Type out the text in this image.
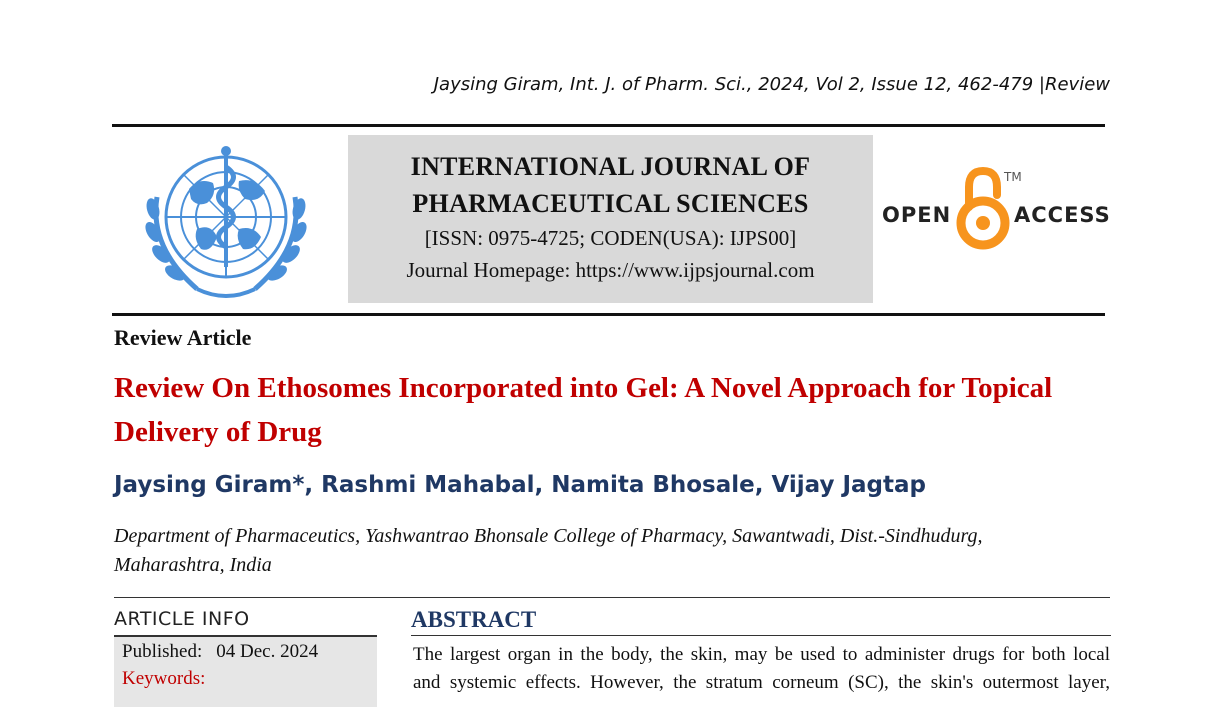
Jaysing Giram, Int. J. of Pharm. Sci., 2024, Vol 2, Issue 12, 462-479 |Review
INTERNATIONAL JOURNAL OF
PHARMACEUTICAL SCIENCES
[ISSN: 0975-4725; CODEN(USA): IJPS00]
Journal Homepage: https://www.ijpsjournal.com
OPEN
TM
ACCESS
Review Article
Review On Ethosomes Incorporated into Gel: A Novel Approach for Topical Delivery of Drug
Jaysing Giram*, Rashmi Mahabal, Namita Bhosale, Vijay Jagtap
Department of Pharmaceutics, Yashwantrao Bhonsale College of Pharmacy, Sawantwadi, Dist.-Sindhudurg,
Maharashtra, India
ARTICLE INFO
Published: 04 Dec. 2024
Keywords:
ABSTRACT
The largest organ in the body, the skin, may be used to administer drugs for both local
and systemic effects. However, the stratum corneum (SC), the skin's outermost layer,
